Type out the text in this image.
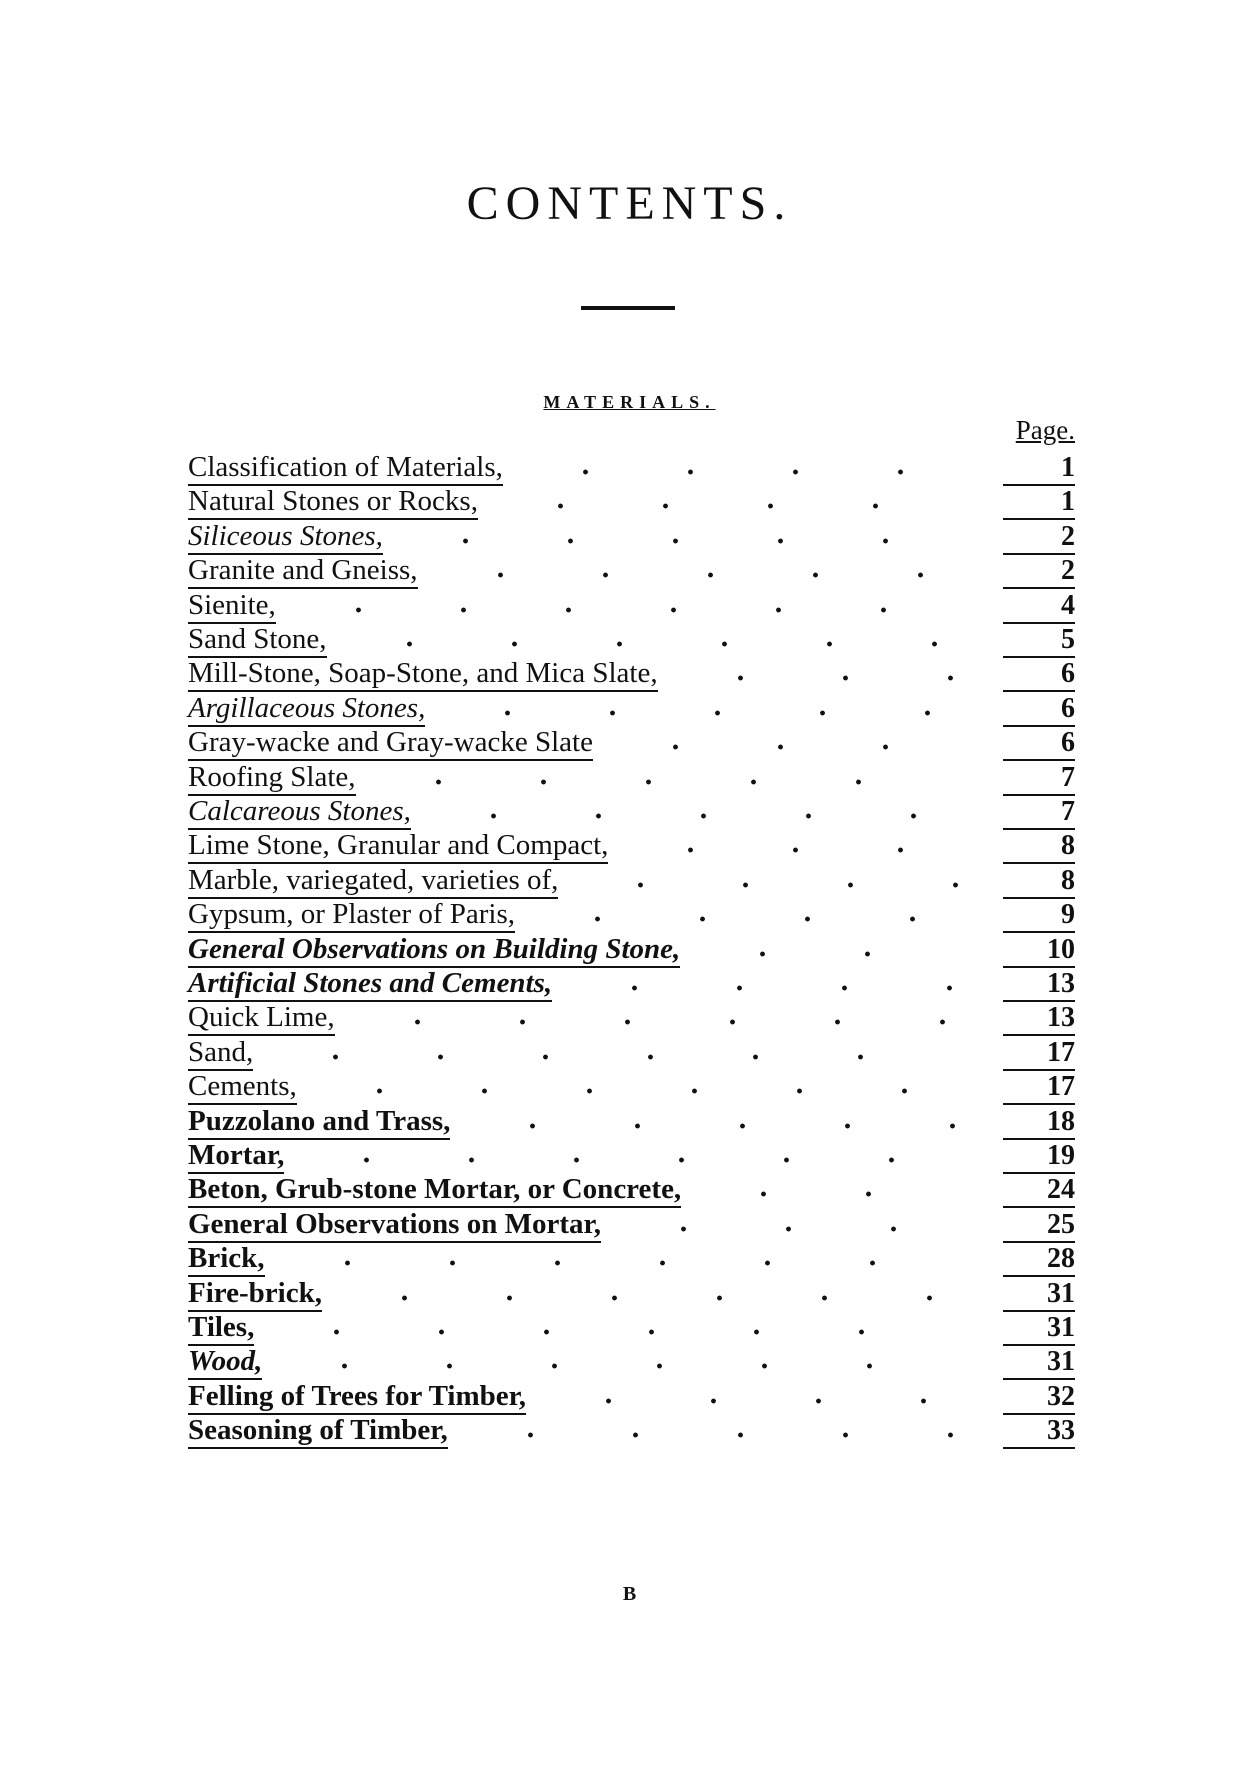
CONTENTS.
MATERIALS.
Page.
Classification of Materials,	1
Natural Stones or Rocks,	1
Siliceous Stones,	2
Granite and Gneiss,	2
Sienite,	4
Sand Stone,	5
Mill-Stone, Soap-Stone, and Mica Slate,	6
Argillaceous Stones,	6
Gray-wacke and Gray-wacke Slate	6
Roofing Slate,	7
Calcareous Stones,	7
Lime Stone, Granular and Compact,	8
Marble, variegated, varieties of,	8
Gypsum, or Plaster of Paris,	9
General Observations on Building Stone,	10
Artificial Stones and Cements,	13
Quick Lime,	13
Sand,	17
Cements,	17
Puzzolano and Trass,	18
Mortar,	19
Beton, Grub-stone Mortar, or Concrete,	24
General Observations on Mortar,	25
Brick,	28
Fire-brick,	31
Tiles,	31
Wood,	31
Felling of Trees for Timber,	32
Seasoning of Timber,	33
B
